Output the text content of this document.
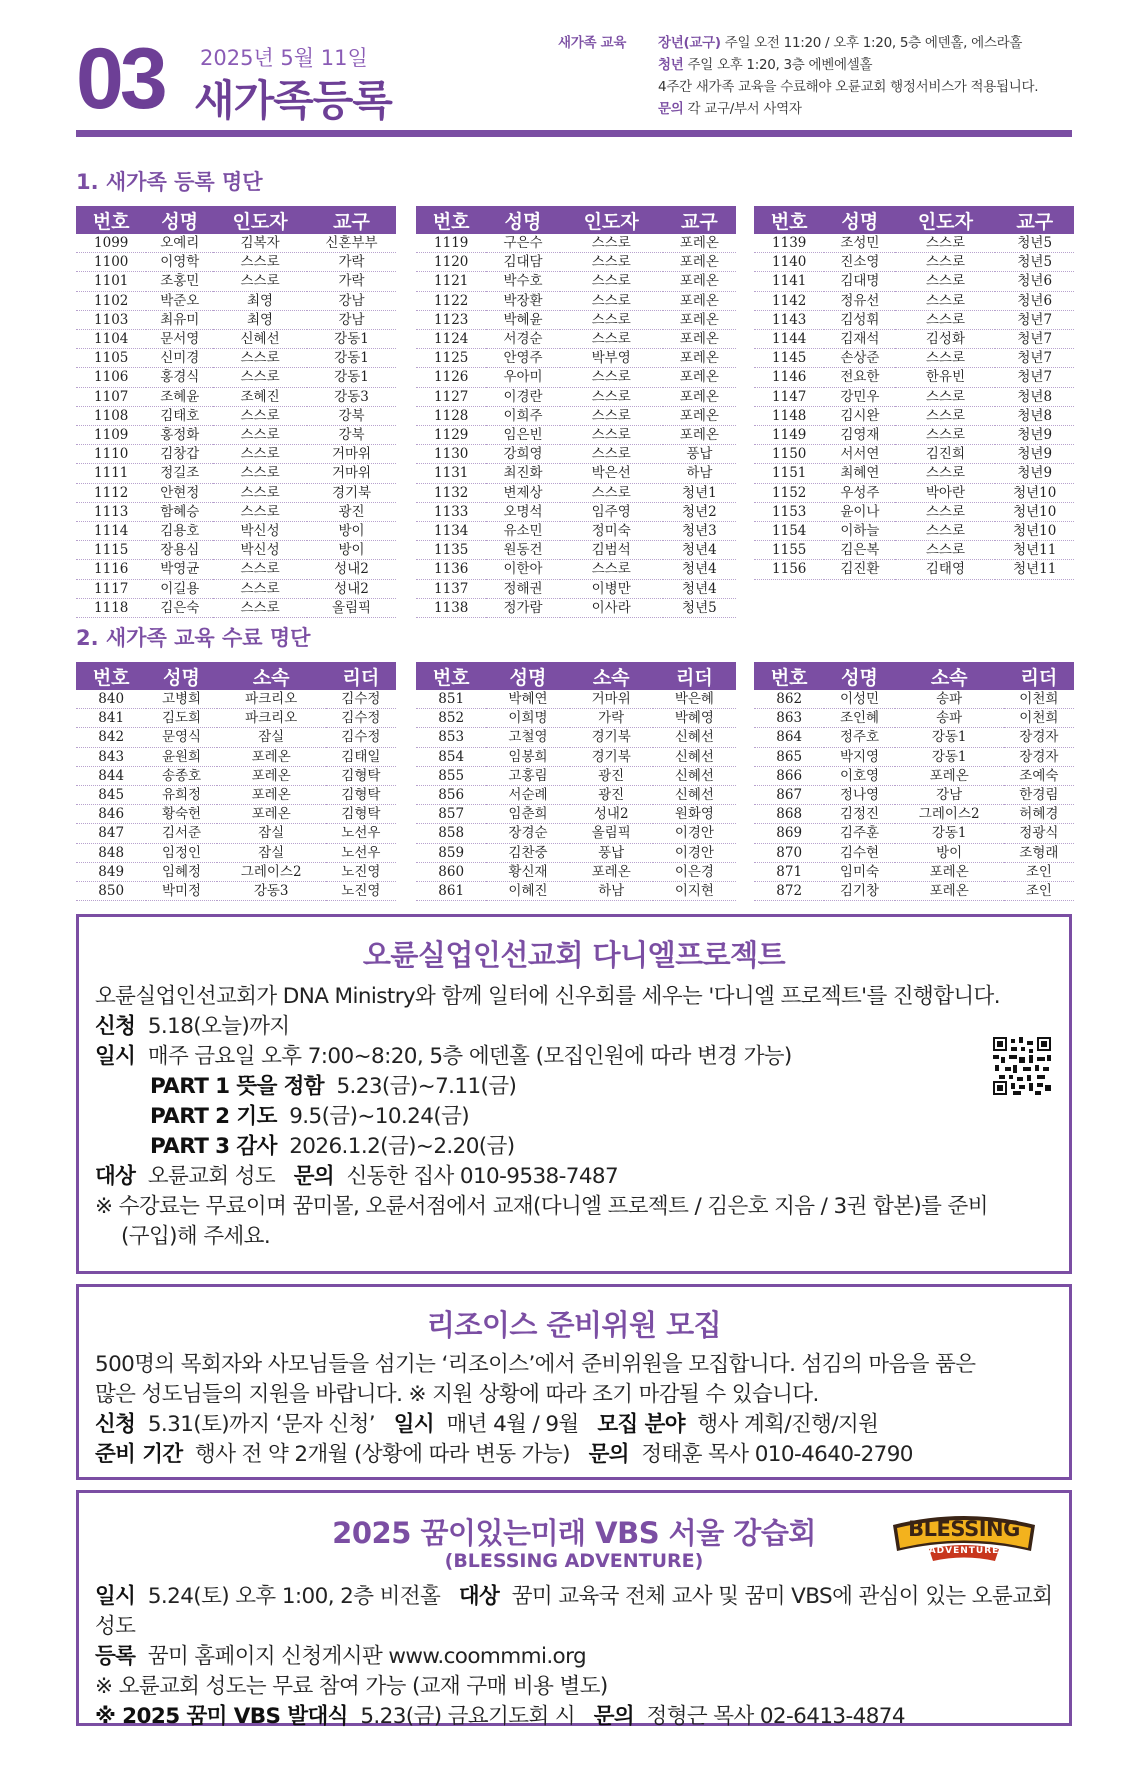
03 2025년 5월 11일
새가족등록
새가족 교육 장년(교구) 주일 오전 11:20 / 오후 1:20, 5층 에덴홀, 에스라홀
청년 주일 오후 1:20, 3층 에벤에셀홀
4주간 새가족 교육을 수료해야 오륜교회 행정서비스가 적용됩니다.
문의 각 교구/부서 사역자
1. 새가족 등록 명단
번호	성명	인도자	교구
1099	오예리	김복자	신혼부부
1100	이영학	스스로	가락
1101	조홍민	스스로	가락
1102	박준오	최영	강남
1103	최유미	최영	강남
1104	문서영	신혜선	강동1
1105	신미경	스스로	강동1
1106	홍경식	스스로	강동1
1107	조혜윤	조혜진	강동3
1108	김태호	스스로	강북
1109	홍정화	스스로	강북
1110	김창갑	스스로	거마위
1111	정길조	스스로	거마위
1112	안현정	스스로	경기북
1113	함혜승	스스로	광진
1114	김용호	박신성	방이
1115	장용심	박신성	방이
1116	박영균	스스로	성내2
1117	이길용	스스로	성내2
1118	김은숙	스스로	올림픽
번호	성명	인도자	교구
1119	구은수	스스로	포레온
1120	김대담	스스로	포레온
1121	박수호	스스로	포레온
1122	박장환	스스로	포레온
1123	박혜윤	스스로	포레온
1124	서경순	스스로	포레온
1125	안영주	박부영	포레온
1126	우아미	스스로	포레온
1127	이경란	스스로	포레온
1128	이희주	스스로	포레온
1129	임은빈	스스로	포레온
1130	강희영	스스로	풍납
1131	최진화	박은선	하남
1132	변제상	스스로	청년1
1133	오명석	임주영	청년2
1134	유소민	정미숙	청년3
1135	원동건	김범석	청년4
1136	이한아	스스로	청년4
1137	정해권	이병만	청년4
1138	정가람	이사라	청년5
번호	성명	인도자	교구
1139	조성민	스스로	청년5
1140	진소영	스스로	청년5
1141	김대명	스스로	청년6
1142	정유선	스스로	청년6
1143	김성휘	스스로	청년7
1144	김재석	김성화	청년7
1145	손상준	스스로	청년7
1146	전요한	한유빈	청년7
1147	강민우	스스로	청년8
1148	김시완	스스로	청년8
1149	김영재	스스로	청년9
1150	서서연	김진희	청년9
1151	최혜연	스스로	청년9
1152	우성주	박아란	청년10
1153	윤이나	스스로	청년10
1154	이하늘	스스로	청년10
1155	김은복	스스로	청년11
1156	김진환	김태영	청년11
2. 새가족 교육 수료 명단
번호	성명	소속	리더
840	고병희	파크리오	김수정
841	김도희	파크리오	김수정
842	문영식	잠실	김수정
843	윤원희	포레온	김태일
844	송종호	포레온	김형탁
845	유희정	포레온	김형탁
846	황숙헌	포레온	김형탁
847	김서준	잠실	노선우
848	임정인	잠실	노선우
849	임혜정	그레이스2	노진영
850	박미정	강동3	노진영
번호	성명	소속	리더
851	박혜연	거마위	박은혜
852	이희명	가락	박혜영
853	고철영	경기북	신혜선
854	임봉희	경기북	신혜선
855	고홍림	광진	신혜선
856	서순례	광진	신혜선
857	임춘희	성내2	원화영
858	장경순	올림픽	이경안
859	김찬중	풍납	이경안
860	황신재	포레온	이은경
861	이혜진	하남	이지현
번호	성명	소속	리더
862	이성민	송파	이천희
863	조인혜	송파	이천희
864	정주호	강동1	장경자
865	박지영	강동1	장경자
866	이호영	포레온	조예숙
867	정나영	강남	한경림
868	김정진	그레이스2	허혜경
869	김주훈	강동1	정광식
870	김수현	방이	조형래
871	임미숙	포레온	조인
872	김기창	포레온	조인
오륜실업인선교회 다니엘프로젝트
오륜실업인선교회가 DNA Ministry와 함께 일터에 신우회를 세우는 '다니엘 프로젝트'를 진행합니다.
신청 5.18(오늘)까지
일시 매주 금요일 오후 7:00~8:20, 5층 에덴홀 (모집인원에 따라 변경 가능)
PART 1 뜻을 정함 5.23(금)~7.11(금)
PART 2 기도 9.5(금)~10.24(금)
PART 3 감사 2026.1.2(금)~2.20(금)
대상 오륜교회 성도 문의 신동한 집사 010-9538-7487
※ 수강료는 무료이며 꿈미몰, 오륜서점에서 교재(다니엘 프로젝트 / 김은호 지음 / 3권 합본)를 준비
(구입)해 주세요.
리조이스 준비위원 모집
500명의 목회자와 사모님들을 섬기는 ‘리조이스’에서 준비위원을 모집합니다. 섬김의 마음을 품은
많은 성도님들의 지원을 바랍니다. ※ 지원 상황에 따라 조기 마감될 수 있습니다.
신청 5.31(토)까지 ‘문자 신청’ 일시 매년 4월 / 9월 모집 분야 행사 계획/진행/지원
준비 기간 행사 전 약 2개월 (상황에 따라 변동 가능) 문의 정태훈 목사 010-4640-2790
2025 꿈이있는미래 VBS 서울 강습회
(BLESSING ADVENTURE)
BLESSING
ADVENTURE
일시 5.24(토) 오후 1:00, 2층 비전홀 대상 꿈미 교육국 전체 교사 및 꿈미 VBS에 관심이 있는 오륜교회 성도
등록 꿈미 홈페이지 신청게시판 www.coommmi.org
※ 오륜교회 성도는 무료 참여 가능 (교재 구매 비용 별도)
※ 2025 꿈미 VBS 발대식 5.23(금) 금요기도회 시 문의 정형근 목사 02-6413-4874
